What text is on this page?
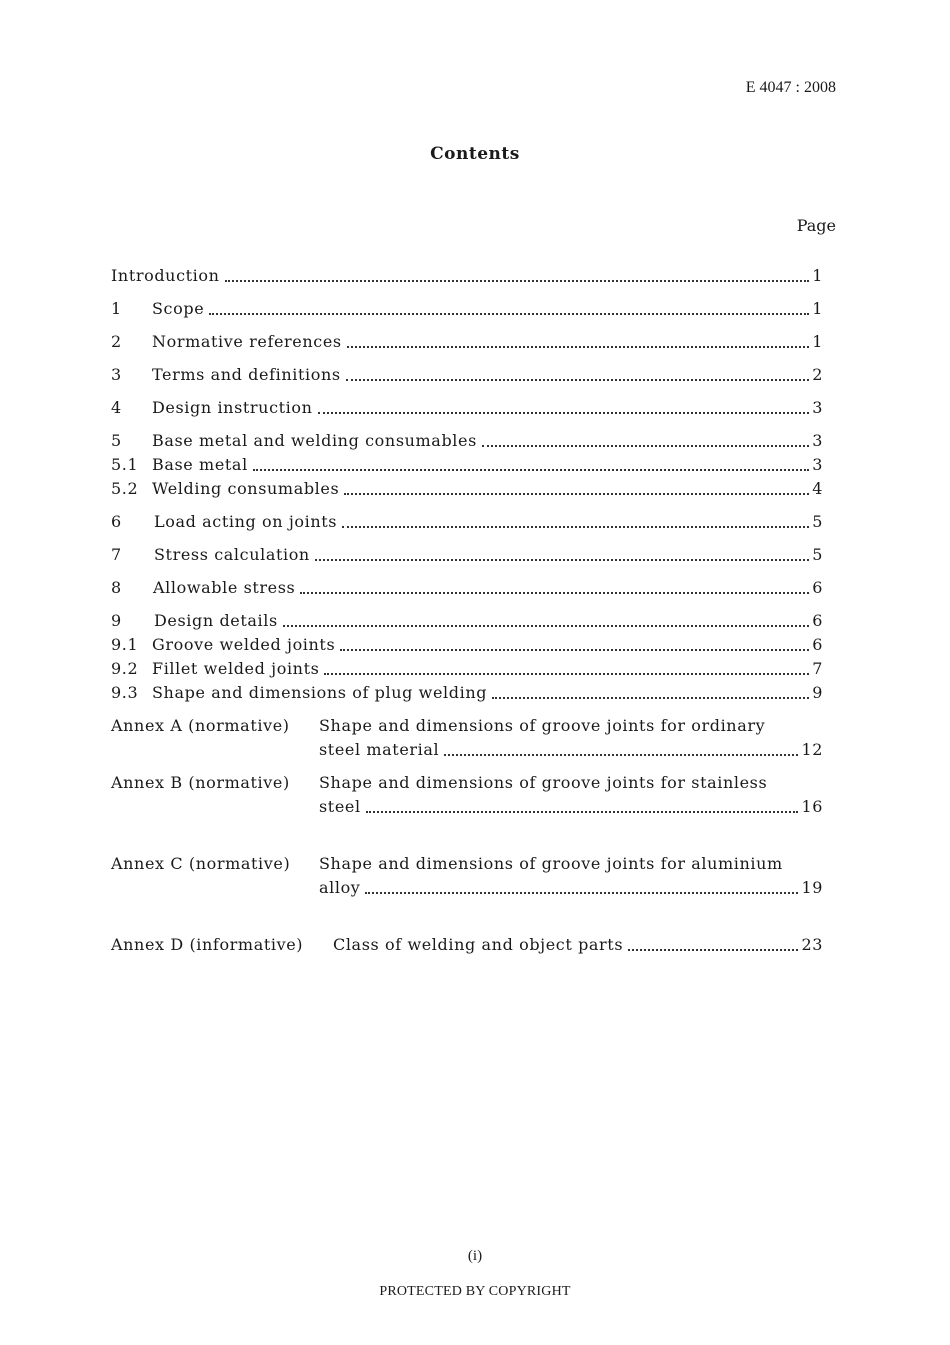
E 4047 : 2008
Contents
Page
Introduction	1
1	Scope	1
2	Normative references	1
3	Terms and definitions	2
4	Design instruction	3
5	Base metal and welding consumables	3
5.1 Base metal	3
5.2 Welding consumables	4
6	Load acting on joints	5
7	Stress calculation	5
8	Allowable stress	6
9	Design details	6
9.1 Groove welded joints	6
9.2 Fillet welded joints	7
9.3 Shape and dimensions of plug welding	9
Annex A (normative) Shape and dimensions of groove joints for ordinary
steel material	12
Annex B (normative) Shape and dimensions of groove joints for stainless
steel	16
Annex C (normative) Shape and dimensions of groove joints for aluminium
alloy	19
Annex D (informative) Class of welding and object parts	23
(i)
PROTECTED BY COPYRIGHT
